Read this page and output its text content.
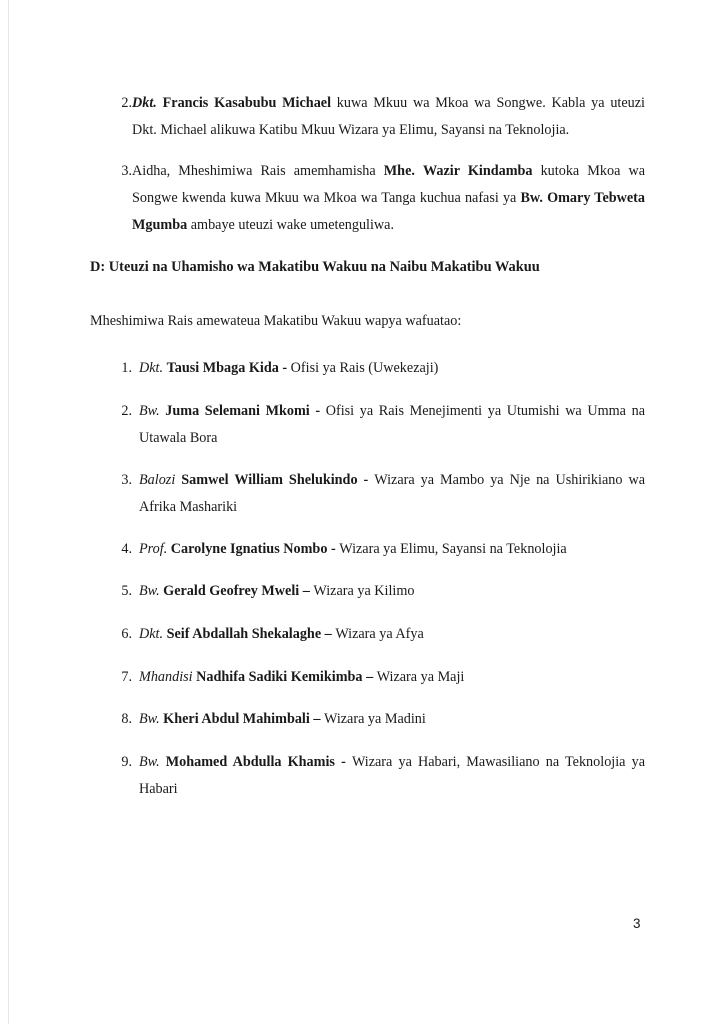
2. Dkt. Francis Kasabubu Michael kuwa Mkuu wa Mkoa wa Songwe. Kabla ya uteuzi Dkt. Michael alikuwa Katibu Mkuu Wizara ya Elimu, Sayansi na Teknolojia.
3. Aidha, Mheshimiwa Rais amemhamisha Mhe. Wazir Kindamba kutoka Mkoa wa Songwe kwenda kuwa Mkuu wa Mkoa wa Tanga kuchua nafasi ya Bw. Omary Tebweta Mgumba ambaye uteuzi wake umetenguliwa.
D: Uteuzi na Uhamisho wa Makatibu Wakuu na Naibu Makatibu Wakuu
Mheshimiwa Rais amewateua Makatibu Wakuu wapya wafuatao:
1. Dkt. Tausi Mbaga Kida - Ofisi ya Rais (Uwekezaji)
2. Bw. Juma Selemani Mkomi - Ofisi ya Rais Menejimenti ya Utumishi wa Umma na Utawala Bora
3. Balozi Samwel William Shelukindo - Wizara ya Mambo ya Nje na Ushirikiano wa Afrika Mashariki
4. Prof. Carolyne Ignatius Nombo - Wizara ya Elimu, Sayansi na Teknolojia
5. Bw. Gerald Geofrey Mweli – Wizara ya Kilimo
6. Dkt. Seif Abdallah Shekalaghe – Wizara ya Afya
7. Mhandisi Nadhifa Sadiki Kemikimba – Wizara ya Maji
8. Bw. Kheri Abdul Mahimbali – Wizara ya Madini
9. Bw. Mohamed Abdulla Khamis - Wizara ya Habari, Mawasiliano na Teknolojia ya Habari
3
